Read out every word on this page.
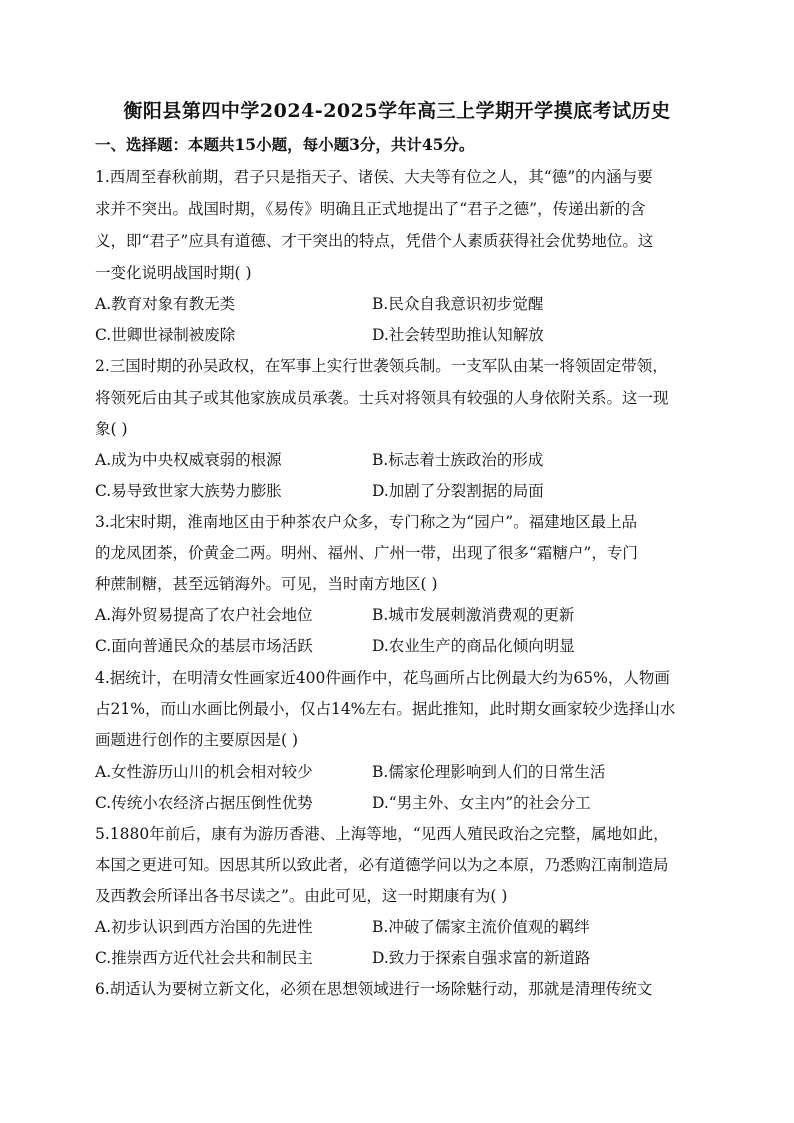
衡阳县第四中学2024-2025学年高三上学期开学摸底考试历史
一、选择题：本题共15小题，每小题3分，共计45分。
1.西周至春秋前期，君子只是指天子、诸侯、大夫等有位之人，其“德”的内涵与要
求并不突出。战国时期，《易传》明确且正式地提出了“君子之德”，传递出新的含
义，即“君子”应具有道德、才干突出的特点，凭借个人素质获得社会优势地位。这
一变化说明战国时期( )
A.教育对象有教无类	B.民众自我意识初步觉醒
C.世卿世禄制被废除	D.社会转型助推认知解放
2.三国时期的孙吴政权，在军事上实行世袭领兵制。一支军队由某一将领固定带领，
将领死后由其子或其他家族成员承袭。士兵对将领具有较强的人身依附关系。这一现
象( )
A.成为中央权威衰弱的根源	B.标志着士族政治的形成
C.易导致世家大族势力膨胀	D.加剧了分裂割据的局面
3.北宋时期，淮南地区由于种茶农户众多，专门称之为“园户”。福建地区最上品
的龙凤团茶，价黄金二两。明州、福州、广州一带，出现了很多“霜糖户”，专门
种蔗制糖，甚至远销海外。可见，当时南方地区( )
A.海外贸易提高了农户社会地位	B.城市发展刺激消费观的更新
C.面向普通民众的基层市场活跃	D.农业生产的商品化倾向明显
4.据统计，在明清女性画家近400件画作中，花鸟画所占比例最大约为65%，人物画
占21%，而山水画比例最小，仅占14%左右。据此推知，此时期女画家较少选择山水
画题进行创作的主要原因是( )
A.女性游历山川的机会相对较少	B.儒家伦理影响到人们的日常生活
C.传统小农经济占据压倒性优势	D.“男主外、女主内”的社会分工
5.1880年前后，康有为游历香港、上海等地，“见西人殖民政治之完整，属地如此，
本国之更进可知。因思其所以致此者，必有道德学问以为之本原，乃悉购江南制造局
及西教会所译出各书尽读之”。由此可见，这一时期康有为( )
A.初步认识到西方治国的先进性	B.冲破了儒家主流价值观的羁绊
C.推崇西方近代社会共和制民主	D.致力于探索自强求富的新道路
6.胡适认为要树立新文化，必须在思想领域进行一场除魅行动，那就是清理传统文
